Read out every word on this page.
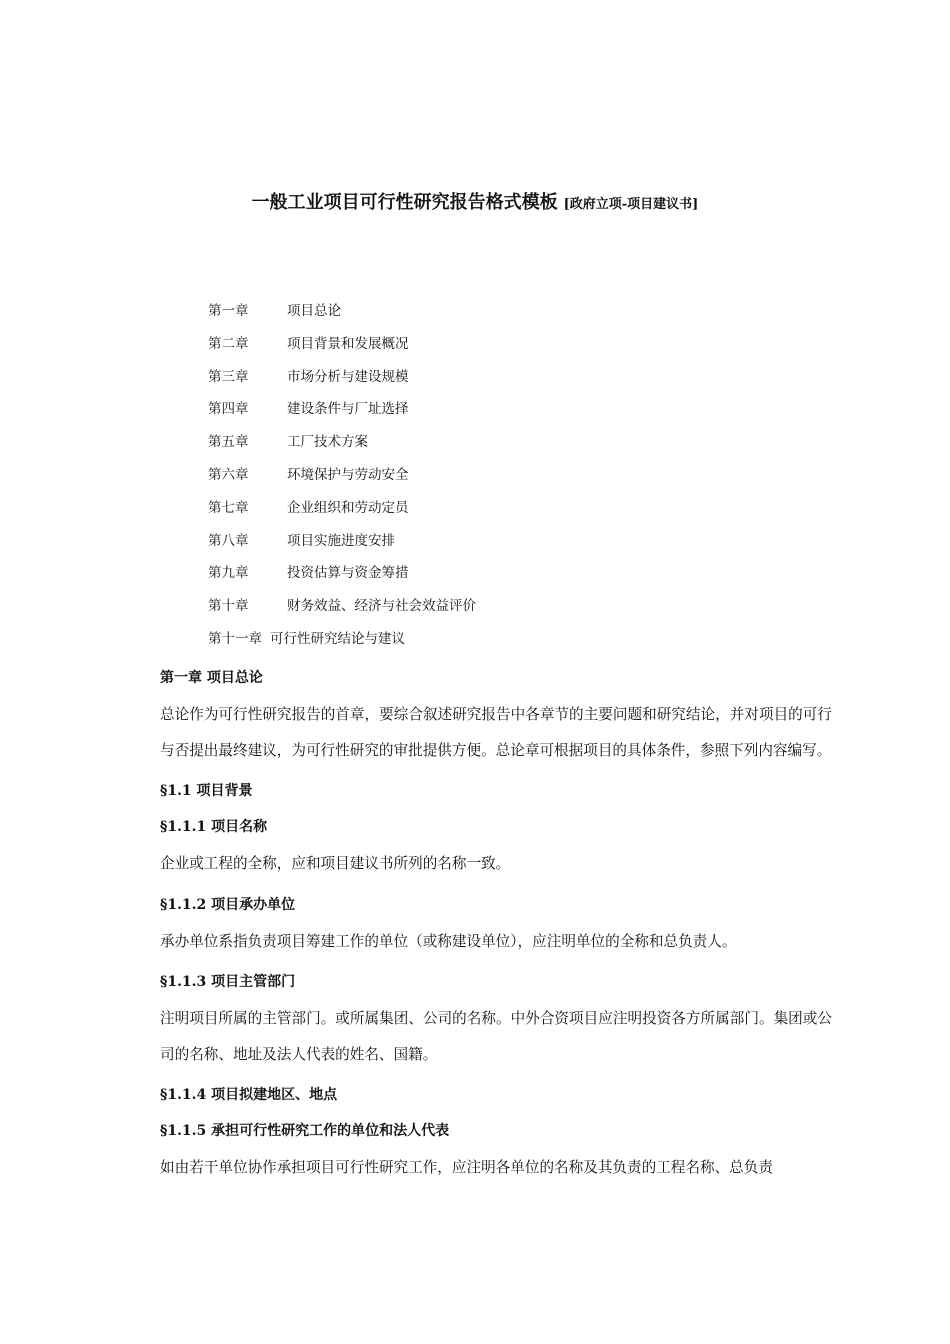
一般工业项目可行性研究报告格式模板 [政府立项-项目建议书]
第一章	项目总论
第二章	项目背景和发展概况
第三章	市场分析与建设规模
第四章	建设条件与厂址选择
第五章	工厂技术方案
第六章	环境保护与劳动安全
第七章	企业组织和劳动定员
第八章	项目实施进度安排
第九章	投资估算与资金筹措
第十章	财务效益、经济与社会效益评价
第十一章 可行性研究结论与建议

第一章 项目总论

总论作为可行性研究报告的首章，要综合叙述研究报告中各章节的主要问题和研究结论，并对项目的可行与否提出最终建议，为可行性研究的审批提供方便。总论章可根据项目的具体条件，参照下列内容编写。

§1.1 项目背景

§1.1.1 项目名称

企业或工程的全称，应和项目建议书所列的名称一致。

§1.1.2 项目承办单位

承办单位系指负责项目筹建工作的单位（或称建设单位），应注明单位的全称和总负责人。

§1.1.3 项目主管部门

注明项目所属的主管部门。或所属集团、公司的名称。中外合资项目应注明投资各方所属部门。集团或公司的名称、地址及法人代表的姓名、国籍。

§1.1.4 项目拟建地区、地点

§1.1.5 承担可行性研究工作的单位和法人代表

如由若干单位协作承担项目可行性研究工作，应注明各单位的名称及其负责的工程名称、总负责
